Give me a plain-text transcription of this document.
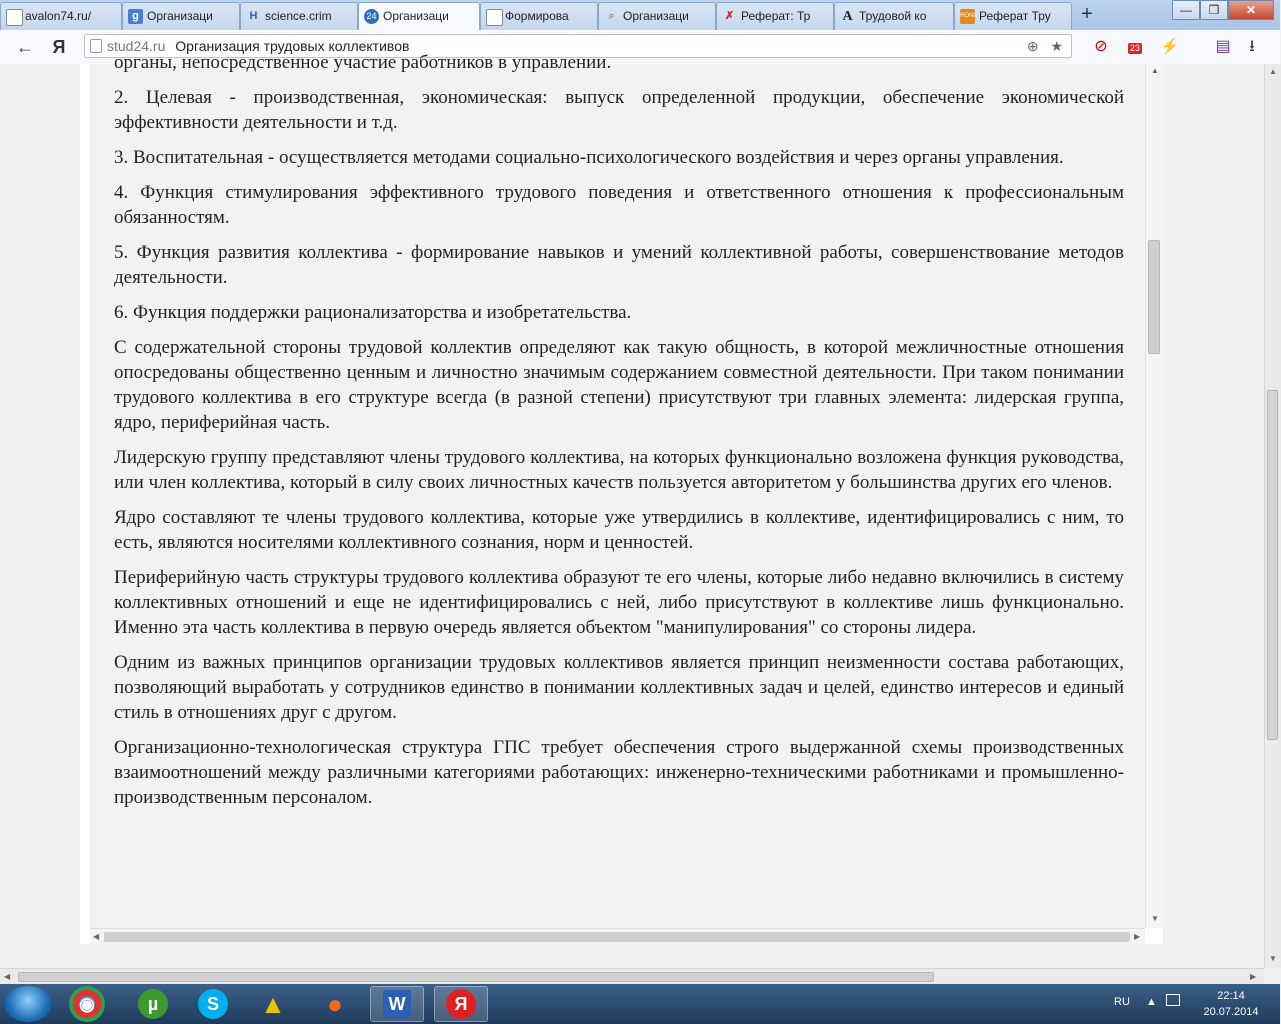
avalon74.ru/	g Организаци	Н science.crim	24 Организаци	Формирова	⌕ Организаци	✗ Реферат: Тр	A Трудовой ко	RONI Реферат Тру	+	—	❐	✕
← Я	stud24.ru Организация трудовых коллективов	⊕ ★ ⊘	23	⚡ ▤	⭳

органы, непосредственное участие работников в управлении.

2. Целевая - производственная, экономическая: выпуск определенной продукции, обеспечение экономической эффективности деятельности и т.д.

3. Воспитательная - осуществляется методами социально-психологического воздействия и через органы управления.

4. Функция стимулирования эффективного трудового поведения и ответственного отношения к профессиональным обязанностям.

5. Функция развития коллектива - формирование навыков и умений коллективной работы, совершенствование методов деятельности.

6. Функция поддержки рационализаторства и изобретательства.

С содержательной стороны трудовой коллектив определяют как такую общность, в которой межличностные отношения опосредованы общественно ценным и личностно значимым содержанием совместной деятельности. При таком понимании трудового коллектива в его структуре всегда (в разной степени) присутствуют три главных элемента: лидерская группа, ядро, периферийная часть.

Лидерскую группу представляют члены трудового коллектива, на которых функционально возложена функция руководства, или член коллектива, который в силу своих личностных качеств пользуется авторитетом у большинства других его членов.

Ядро составляют те члены трудового коллектива, которые уже утвердились в коллективе, идентифицировались с ним, то есть, являются носителями коллективного сознания, норм и ценностей.

Периферийную часть структуры трудового коллектива образуют те его члены, которые либо недавно включились в систему коллективных отношений и еще не идентифицировались с ней, либо присутствуют в коллективе лишь функционально. Именно эта часть коллектива в первую очередь является объектом "манипулирования" со стороны лидера.

Одним из важных принципов организации трудовых коллективов является принцип неизменности состава работающих, позволяющий выработать у сотрудников единство в понимании коллективных задач и целей, единство интересов и единый стиль в отношениях друг с другом.

Организационно-технологическая структура ГПС требует обеспечения строго выдержанной схемы производственных взаимоотношений между различными категориями работающих: инженерно-техническими работниками и промышленно-производственным персоналом.

▲
▼
◀	▶
▲
▼
◀	▶
◉	µ	S	▲ ●	W	Я	RU ▲	22:14
20.07.2014
